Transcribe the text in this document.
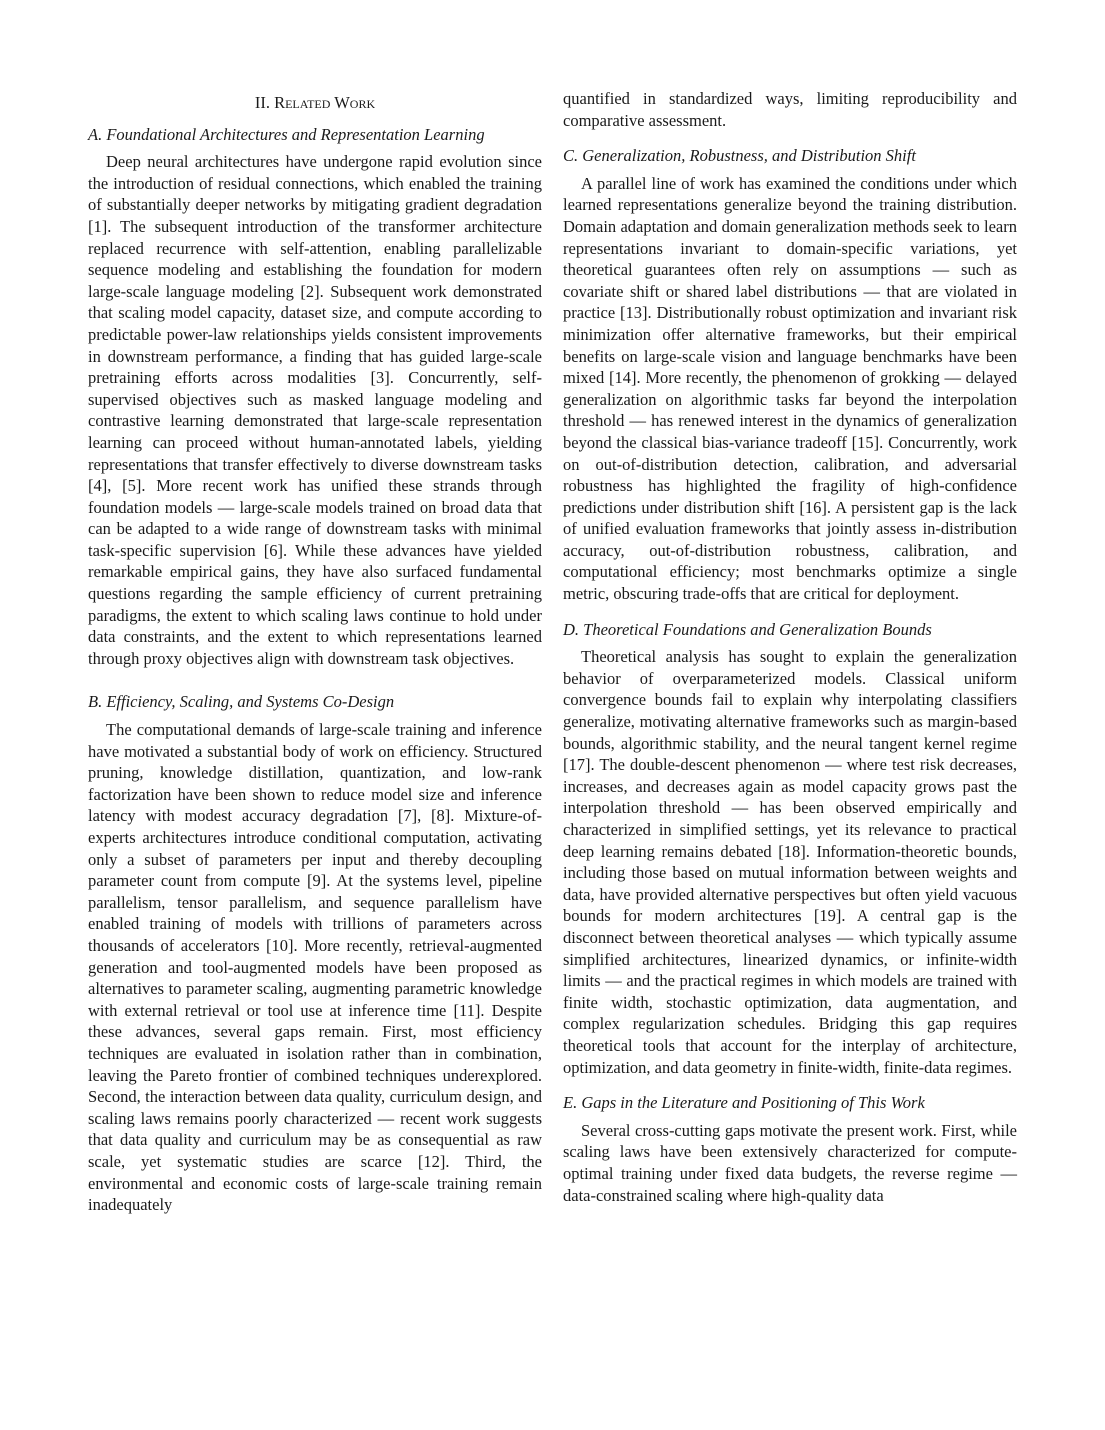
II. Related Work
A. Foundational Architectures and Representation Learning

Deep neural architectures have undergone rapid evolution since the introduction of residual connections, which enabled the training of substantially deeper networks by mitigating gradient degradation [1]. The subsequent introduction of the transformer architecture replaced recurrence with self-attention, enabling parallelizable sequence modeling and establishing the foundation for modern large-scale language modeling [2]. Subsequent work demonstrated that scaling model capacity, dataset size, and compute according to predictable power-law relationships yields consistent improvements in downstream performance, a finding that has guided large-scale pretraining efforts across modalities [3]. Concurrently, self-supervised objectives such as masked language modeling and contrastive learning demonstrated that large-scale representation learning can proceed without human-annotated labels, yielding representations that transfer effectively to diverse downstream tasks [4], [5]. More recent work has unified these strands through foundation models — large-scale models trained on broad data that can be adapted to a wide range of downstream tasks with minimal task-specific supervision [6]. While these advances have yielded remarkable empirical gains, they have also surfaced fundamental questions regarding the sample efficiency of current pretraining paradigms, the extent to which scaling laws continue to hold under data constraints, and the extent to which representations learned through proxy objectives align with downstream task objectives.

B. Efficiency, Scaling, and Systems Co-Design

The computational demands of large-scale training and inference have motivated a substantial body of work on efficiency. Structured pruning, knowledge distillation, quantization, and low-rank factorization have been shown to reduce model size and inference latency with modest accuracy degradation [7], [8]. Mixture-of-experts architectures introduce conditional computation, activating only a subset of parameters per input and thereby decoupling parameter count from compute [9]. At the systems level, pipeline parallelism, tensor parallelism, and sequence parallelism have enabled training of models with trillions of parameters across thousands of accelerators [10]. More recently, retrieval-augmented generation and tool-augmented models have been proposed as alternatives to parameter scaling, augmenting parametric knowledge with external retrieval or tool use at inference time [11]. Despite these advances, several gaps remain. First, most efficiency techniques are evaluated in isolation rather than in combination, leaving the Pareto frontier of combined techniques underexplored. Second, the interaction between data quality, curriculum design, and scaling laws remains poorly characterized — recent work suggests that data quality and curriculum may be as consequential as raw scale, yet systematic studies are scarce [12]. Third, the environmental and economic costs of large-scale training remain inadequately

quantified in standardized ways, limiting reproducibility and comparative assessment.

C. Generalization, Robustness, and Distribution Shift

A parallel line of work has examined the conditions under which learned representations generalize beyond the training distribution. Domain adaptation and domain generalization methods seek to learn representations invariant to domain-specific variations, yet theoretical guarantees often rely on assumptions — such as covariate shift or shared label distributions — that are violated in practice [13]. Distributionally robust optimization and invariant risk minimization offer alternative frameworks, but their empirical benefits on large-scale vision and language benchmarks have been mixed [14]. More recently, the phenomenon of grokking — delayed generalization on algorithmic tasks far beyond the interpolation threshold — has renewed interest in the dynamics of generalization beyond the classical bias-variance tradeoff [15]. Concurrently, work on out-of-distribution detection, calibration, and adversarial robustness has highlighted the fragility of high-confidence predictions under distribution shift [16]. A persistent gap is the lack of unified evaluation frameworks that jointly assess in-distribution accuracy, out-of-distribution robustness, calibration, and computational efficiency; most benchmarks optimize a single metric, obscuring trade-offs that are critical for deployment.

D. Theoretical Foundations and Generalization Bounds

Theoretical analysis has sought to explain the generalization behavior of overparameterized models. Classical uniform convergence bounds fail to explain why interpolating classifiers generalize, motivating alternative frameworks such as margin-based bounds, algorithmic stability, and the neural tangent kernel regime [17]. The double-descent phenomenon — where test risk decreases, increases, and decreases again as model capacity grows past the interpolation threshold — has been observed empirically and characterized in simplified settings, yet its relevance to practical deep learning remains debated [18]. Information-theoretic bounds, including those based on mutual information between weights and data, have provided alternative perspectives but often yield vacuous bounds for modern architectures [19]. A central gap is the disconnect between theoretical analyses — which typically assume simplified architectures, linearized dynamics, or infinite-width limits — and the practical regimes in which models are trained with finite width, stochastic optimization, data augmentation, and complex regularization schedules. Bridging this gap requires theoretical tools that account for the interplay of architecture, optimization, and data geometry in finite-width, finite-data regimes.

E. Gaps in the Literature and Positioning of This Work

Several cross-cutting gaps motivate the present work. First, while scaling laws have been extensively characterized for compute-optimal training under fixed data budgets, the reverse regime — data-constrained scaling where high-quality data
